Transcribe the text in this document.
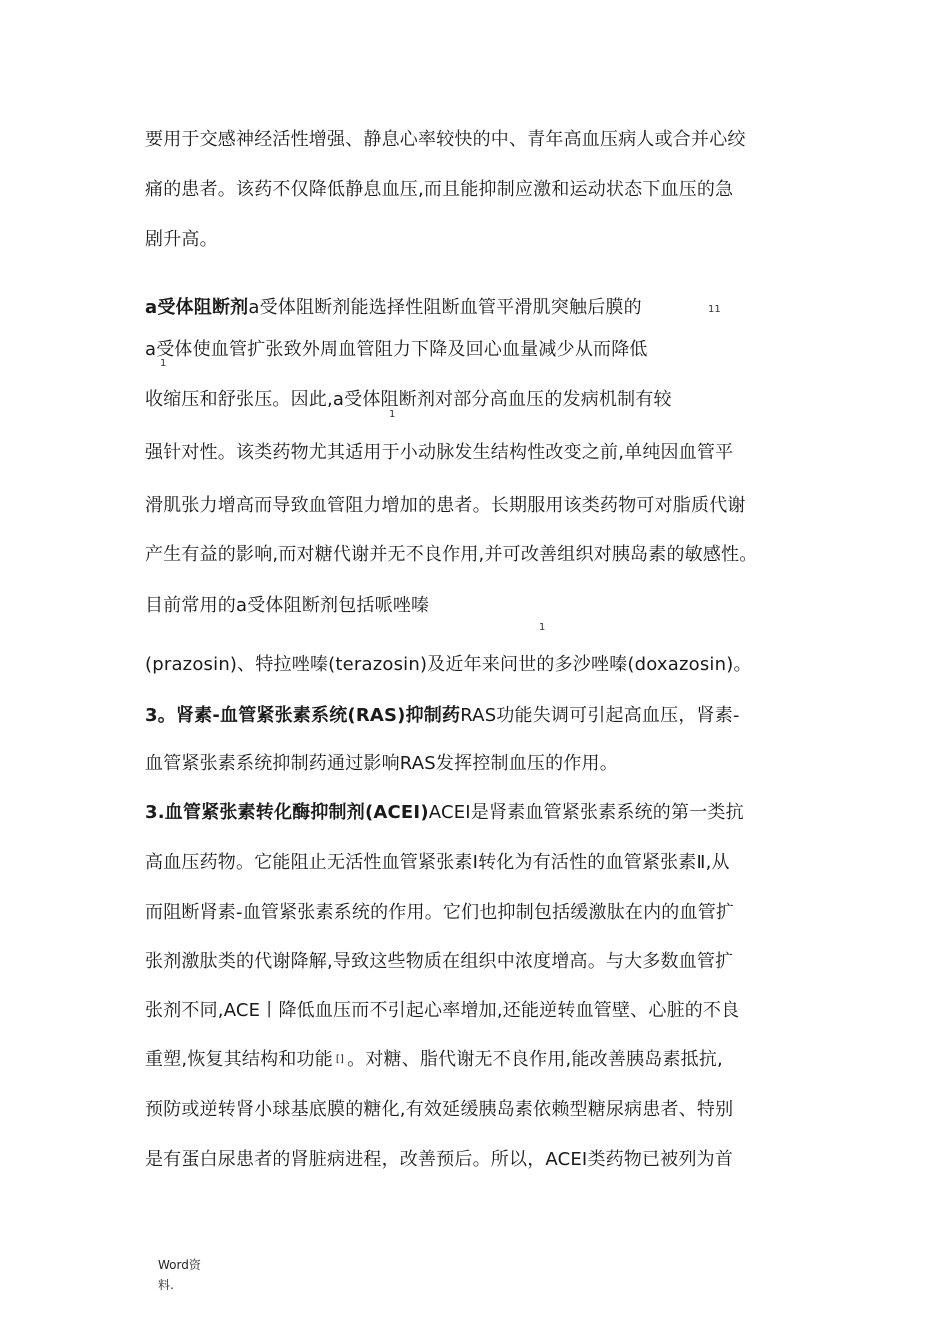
要用于交感神经活性增强、静息心率较快的中、青年高血压病人或合并心绞
痛的患者。该药不仅降低静息血压,而且能抑制应激和运动状态下血压的急
剧升高。
a受体阻断剂a受体阻断剂能选择性阻断血管平滑肌突触后膜的	11
a受体使血管扩张致外周血管阻力下降及回心血量减少从而降低
1
收缩压和舒张压。因此,a受体阻断剂对部分高血压的发病机制有较
1
强针对性。该类药物尤其适用于小动脉发生结构性改变之前,单纯因血管平
滑肌张力增高而导致血管阻力增加的患者。长期服用该类药物可对脂质代谢
产生有益的影响,而对糖代谢并无不良作用,并可改善组织对胰岛素的敏感性。
目前常用的a受体阻断剂包括哌唑嗪
1
(prazosin)、特拉唑嗪(terazosin)及近年来问世的多沙唑嗪(doxazosin)。
3。肾素-血管紧张素系统(RAS)抑制药RAS功能失调可引起高血压，肾素-
血管紧张素系统抑制药通过影响RAS发挥控制血压的作用。
3.血管紧张素转化酶抑制剂(ACEI)ACEI是肾素血管紧张素系统的第一类抗
高血压药物。它能阻止无活性血管紧张素Ⅰ转化为有活性的血管紧张素Ⅱ,从
而阻断肾素-血管紧张素系统的作用。它们也抑制包括缓激肽在内的血管扩
张剂激肽类的代谢降解,导致这些物质在组织中浓度增高。与大多数血管扩
张剂不同,ACE丨降低血压而不引起心率增加,还能逆转血管壁、心脏的不良
重塑,恢复其结构和功能 [] 。对糖、脂代谢无不良作用,能改善胰岛素抵抗,
预防或逆转肾小球基底膜的糖化,有效延缓胰岛素依赖型糖尿病患者、特别
是有蛋白尿患者的肾脏病进程，改善预后。所以，ACEI类药物已被列为首
Word资
料.
